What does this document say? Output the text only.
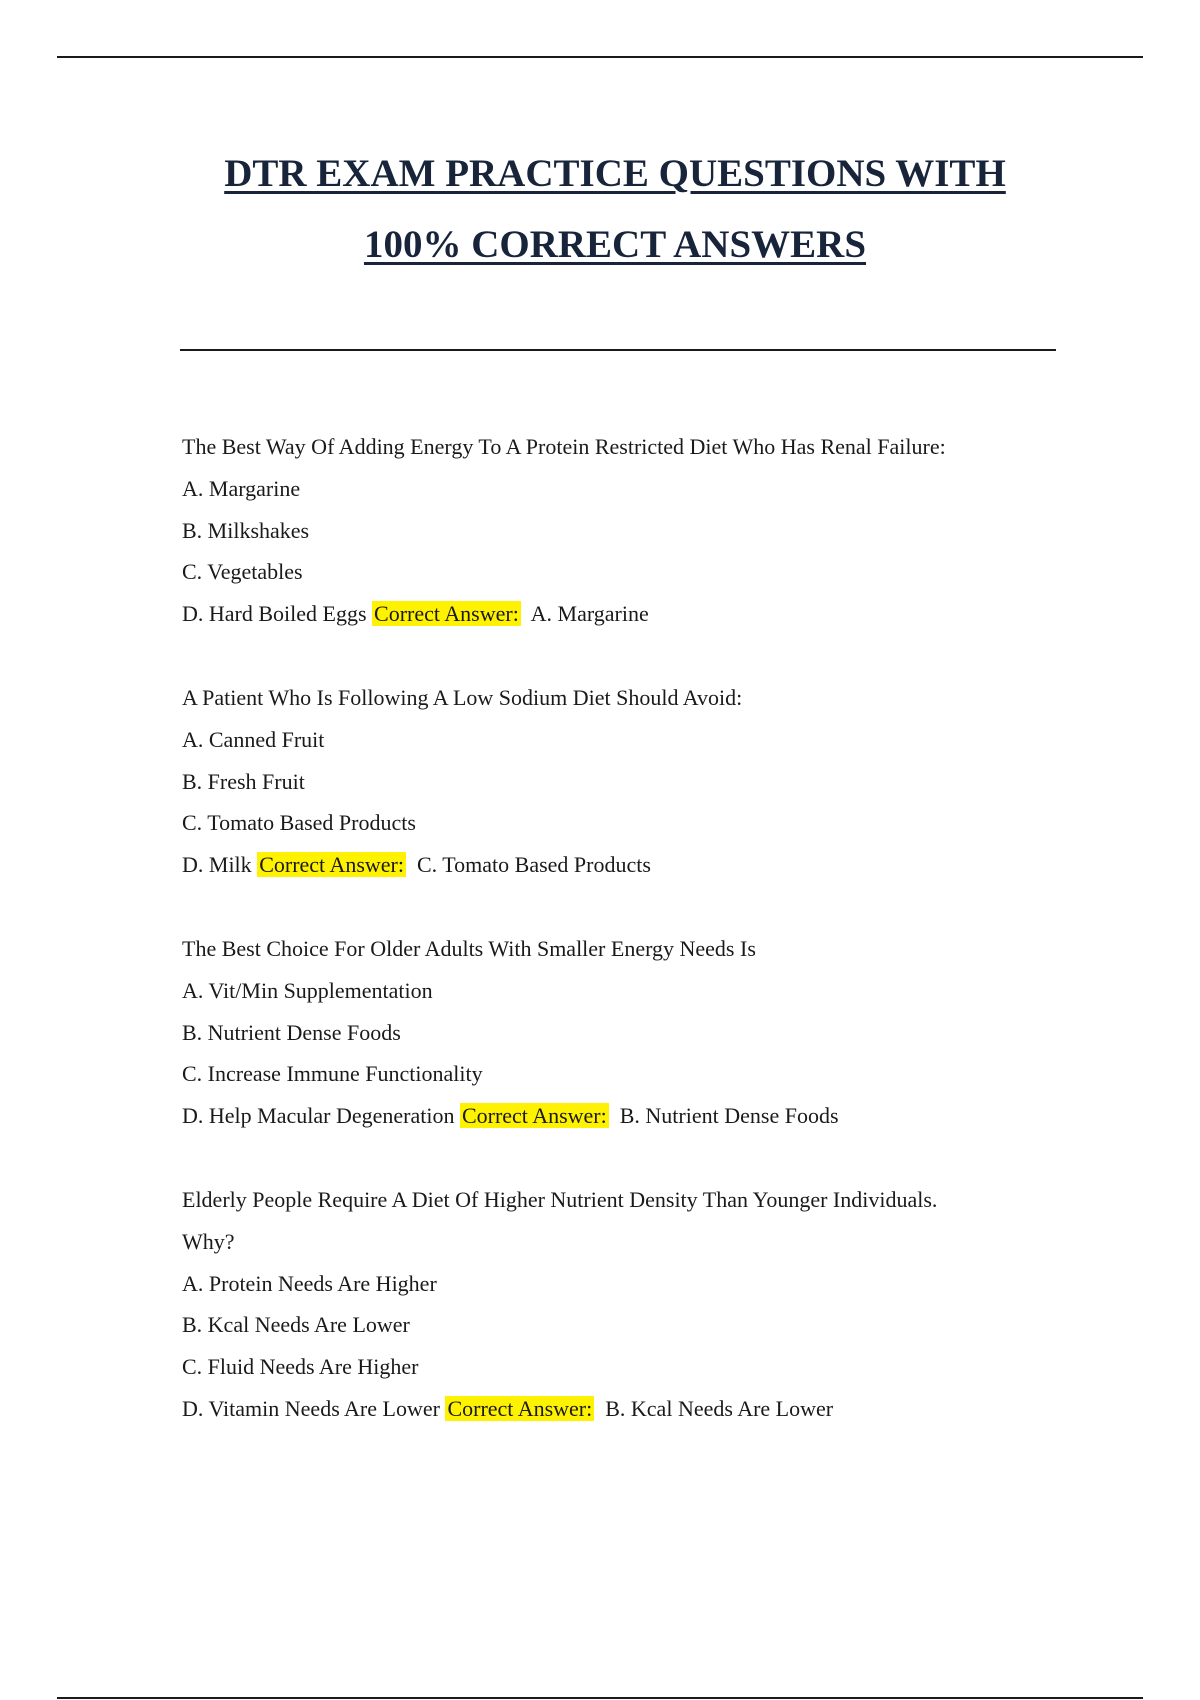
DTR EXAM PRACTICE QUESTIONS WITH
100% CORRECT ANSWERS
The Best Way Of Adding Energy To A Protein Restricted Diet Who Has Renal Failure:
A. Margarine
B. Milkshakes
C. Vegetables
D. Hard Boiled Eggs Correct Answer: A. Margarine
A Patient Who Is Following A Low Sodium Diet Should Avoid:
A. Canned Fruit
B. Fresh Fruit
C. Tomato Based Products
D. Milk Correct Answer: C. Tomato Based Products
The Best Choice For Older Adults With Smaller Energy Needs Is
A. Vit/Min Supplementation
B. Nutrient Dense Foods
C. Increase Immune Functionality
D. Help Macular Degeneration Correct Answer: B. Nutrient Dense Foods
Elderly People Require A Diet Of Higher Nutrient Density Than Younger Individuals.
Why?
A. Protein Needs Are Higher
B. Kcal Needs Are Lower
C. Fluid Needs Are Higher
D. Vitamin Needs Are Lower Correct Answer: B. Kcal Needs Are Lower
